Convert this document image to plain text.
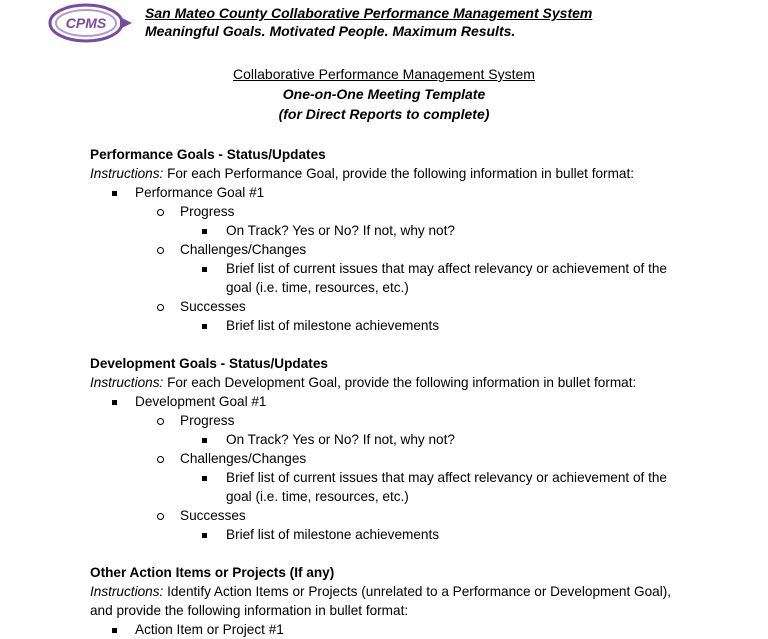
CPMS
San Mateo County Collaborative Performance Management System
Meaningful Goals. Motivated People. Maximum Results.
Collaborative Performance Management System
One-on-One Meeting Template
(for Direct Reports to complete)
Performance Goals - Status/Updates
Instructions: For each Performance Goal, provide the following information in bullet format:
Performance Goal #1
Progress
On Track? Yes or No? If not, why not?
Challenges/Changes
Brief list of current issues that may affect relevancy or achievement of the goal (i.e. time, resources, etc.)
Successes
Brief list of milestone achievements
Development Goals - Status/Updates
Instructions: For each Development Goal, provide the following information in bullet format:
Development Goal #1
Progress
On Track? Yes or No? If not, why not?
Challenges/Changes
Brief list of current issues that may affect relevancy or achievement of the goal (i.e. time, resources, etc.)
Successes
Brief list of milestone achievements
Other Action Items or Projects (If any)
Instructions: Identify Action Items or Projects (unrelated to a Performance or Development Goal), and provide the following information in bullet format:
Action Item or Project #1
